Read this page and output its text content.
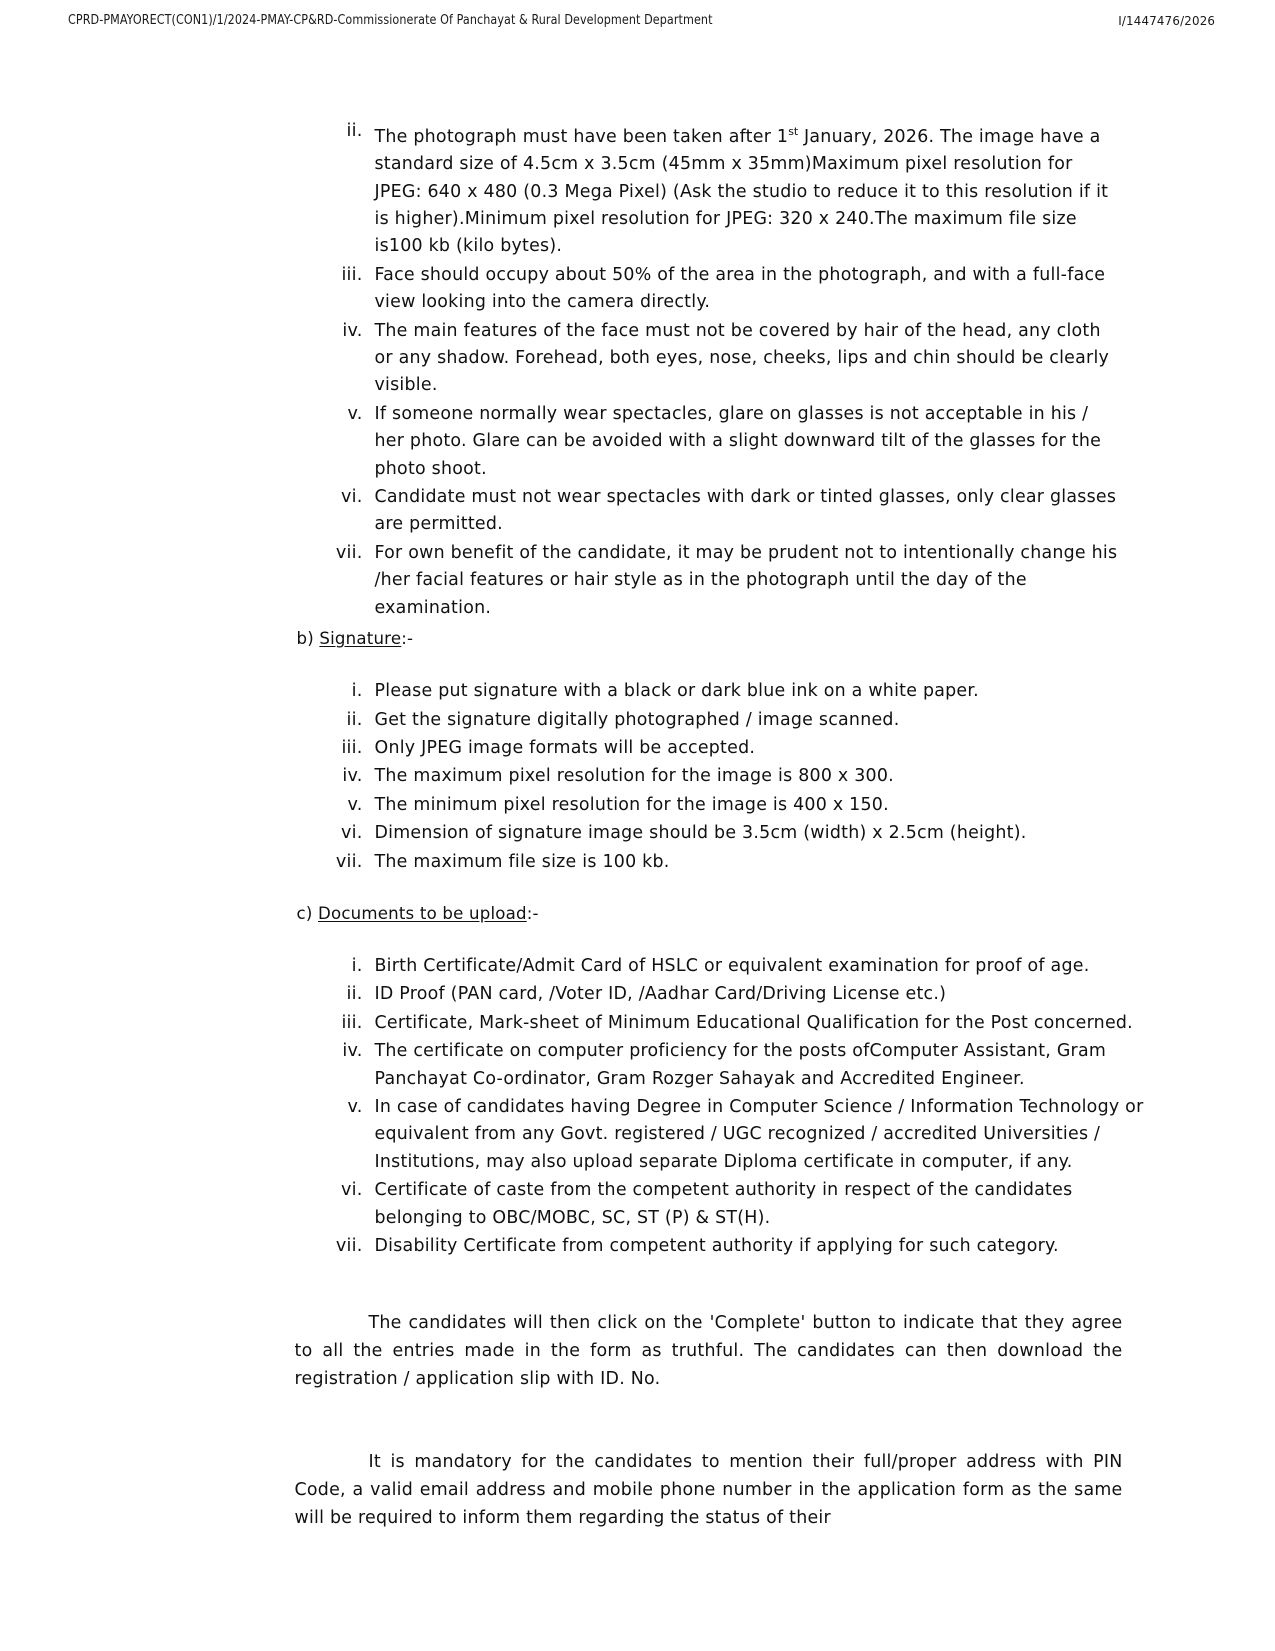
CPRD-PMAYORECT(CON1)/1/2024-PMAY-CP&RD-Commissionerate Of Panchayat & Rural Development Department	I/1447476/2026
ii. The photograph must have been taken after 1st January, 2026. The image have a standard size of 4.5cm x 3.5cm (45mm x 35mm)Maximum pixel resolution for JPEG: 640 x 480 (0.3 Mega Pixel) (Ask the studio to reduce it to this resolution if it is higher).Minimum pixel resolution for JPEG: 320 x 240.The maximum file size is100 kb (kilo bytes).
iii. Face should occupy about 50% of the area in the photograph, and with a full-face view looking into the camera directly.
iv. The main features of the face must not be covered by hair of the head, any cloth or any shadow. Forehead, both eyes, nose, cheeks, lips and chin should be clearly visible.
v. If someone normally wear spectacles, glare on glasses is not acceptable in his / her photo. Glare can be avoided with a slight downward tilt of the glasses for the photo shoot.
vi. Candidate must not wear spectacles with dark or tinted glasses, only clear glasses are permitted.
vii. For own benefit of the candidate, it may be prudent not to intentionally change his /her facial features or hair style as in the photograph until the day of the examination.
b) Signature:-
i. Please put signature with a black or dark blue ink on a white paper.
ii. Get the signature digitally photographed / image scanned.
iii. Only JPEG image formats will be accepted.
iv. The maximum pixel resolution for the image is 800 x 300.
v. The minimum pixel resolution for the image is 400 x 150.
vi. Dimension of signature image should be 3.5cm (width) x 2.5cm (height).
vii. The maximum file size is 100 kb.
c) Documents to be upload:-
i. Birth Certificate/Admit Card of HSLC or equivalent examination for proof of age.
ii. ID Proof (PAN card, /Voter ID, /Aadhar Card/Driving License etc.)
iii. Certificate, Mark-sheet of Minimum Educational Qualification for the Post concerned.
iv. The certificate on computer proficiency for the posts ofComputer Assistant, Gram Panchayat Co-ordinator, Gram Rozger Sahayak and Accredited Engineer.
v. In case of candidates having Degree in Computer Science / Information Technology or equivalent from any Govt. registered / UGC recognized / accredited Universities / Institutions, may also upload separate Diploma certificate in computer, if any.
vi. Certificate of caste from the competent authority in respect of the candidates belonging to OBC/MOBC, SC, ST (P) & ST(H).
vii. Disability Certificate from competent authority if applying for such category.

The candidates will then click on the 'Complete' button to indicate that they agree to all the entries made in the form as truthful. The candidates can then download the registration / application slip with ID. No.

It is mandatory for the candidates to mention their full/proper address with PIN Code, a valid email address and mobile phone number in the application form as the same will be required to inform them regarding the status of their
